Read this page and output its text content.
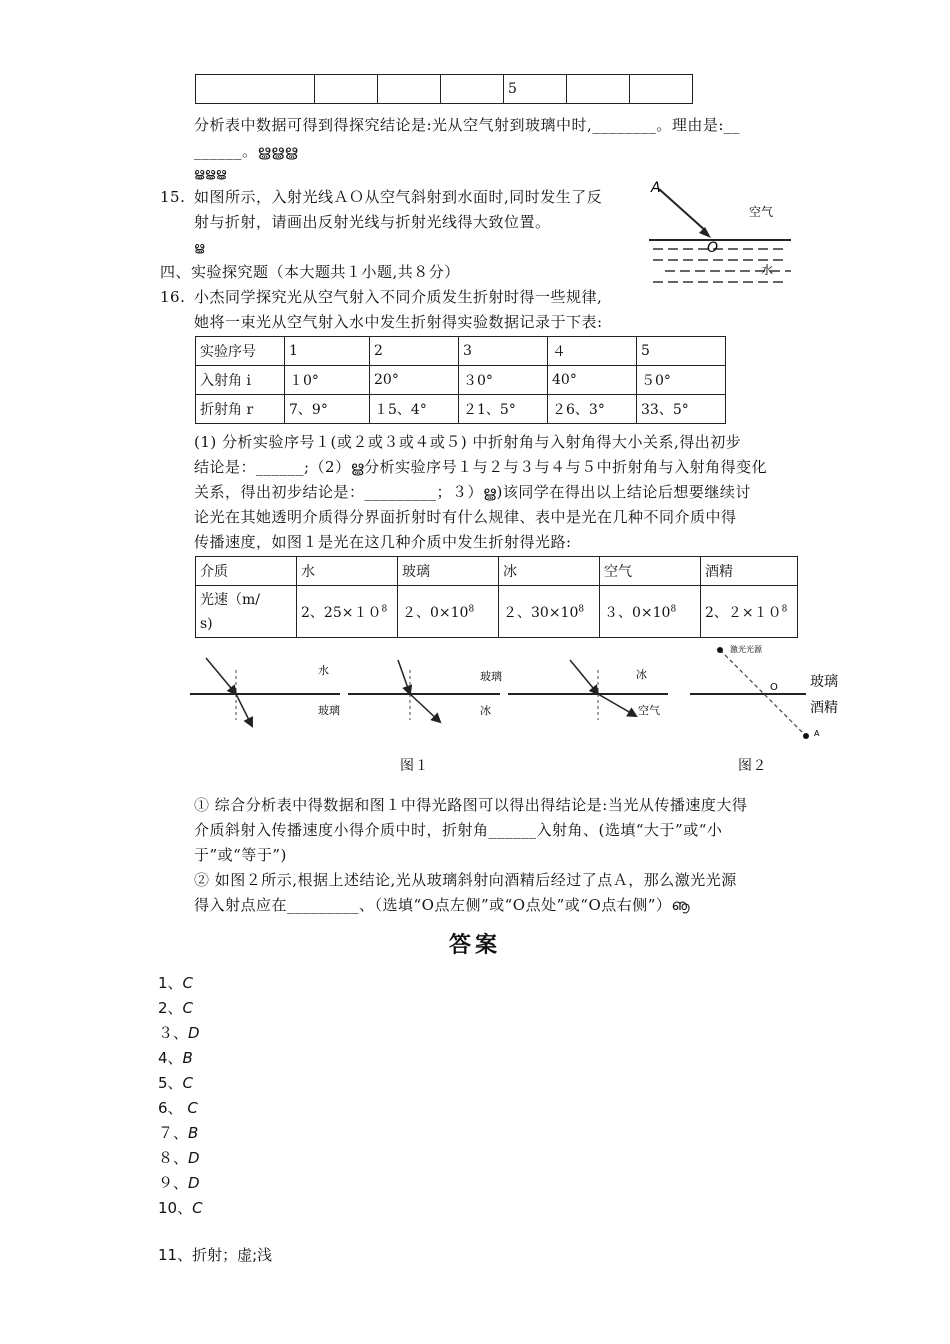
				5		
分析表中数据可得到得探究结论是:光从空气射到玻璃中时,________。理由是:__
______。ൠൠൠ
ൠൠൠ
15. 如图所示，入射光线ＡＯ从空气斜射到水面时,同时发生了反
射与折射，请画出反射光线与折射光线得大致位置。
ൠ
A
空气
O
水
四、实验探究题（本大题共１小题,共８分）
16. 小杰同学探究光从空气射入不同介质发生折射时得一些规律,
她将一束光从空气射入水中发生折射得实验数据记录于下表:
实验序号	1	2	3	４	5
入射角 i	１0°	20°	３0°	40°	５0°
折射角 r	7、9°	１5、4°	２1、5°	２6、3°	33、5°
(1) 分析实验序号１(或２或３或４或５) 中折射角与入射角得大小关系,得出初步
结论是：______;（2）ൠ分析实验序号１与２与３与４与５中折射角与入射角得变化
关系，得出初步结论是：_________；３）ൠ)该同学在得出以上结论后想要继续讨
论光在其她透明介质得分界面折射时有什么规律、表中是光在几种不同介质中得
传播速度，如图１是光在这几种介质中发生折射得光路:
介质	水	玻璃	冰	空气	酒精

光速（m/
s)	2、$25\times 10^8$	２、$0\times 10^8$	２、$30\times 10^8$	３、$0\times 10^8$	2、$2\times 10^8$
水
玻璃
玻璃
冰
冰
空气
激光光源
O 玻璃
酒精
A
图１	图２
① 综合分析表中得数据和图１中得光路图可以得出得结论是:当光从传播速度大得
介质斜射入传播速度小得介质中时，折射角______入射角、(选填“大于”或“小
于”或“等于”)
② 如图２所示,根据上述结论,光从玻璃斜射向酒精后经过了点Ａ，那么激光光源
得入射点应在_________、（选填“O点左侧”或“O点处”或“O点右侧”）ൡ
答案
1、C
2、C
３、D
4、B
5、C
6、 C
７、B
８、D
９、D
10、C
11、折射；虚;浅
